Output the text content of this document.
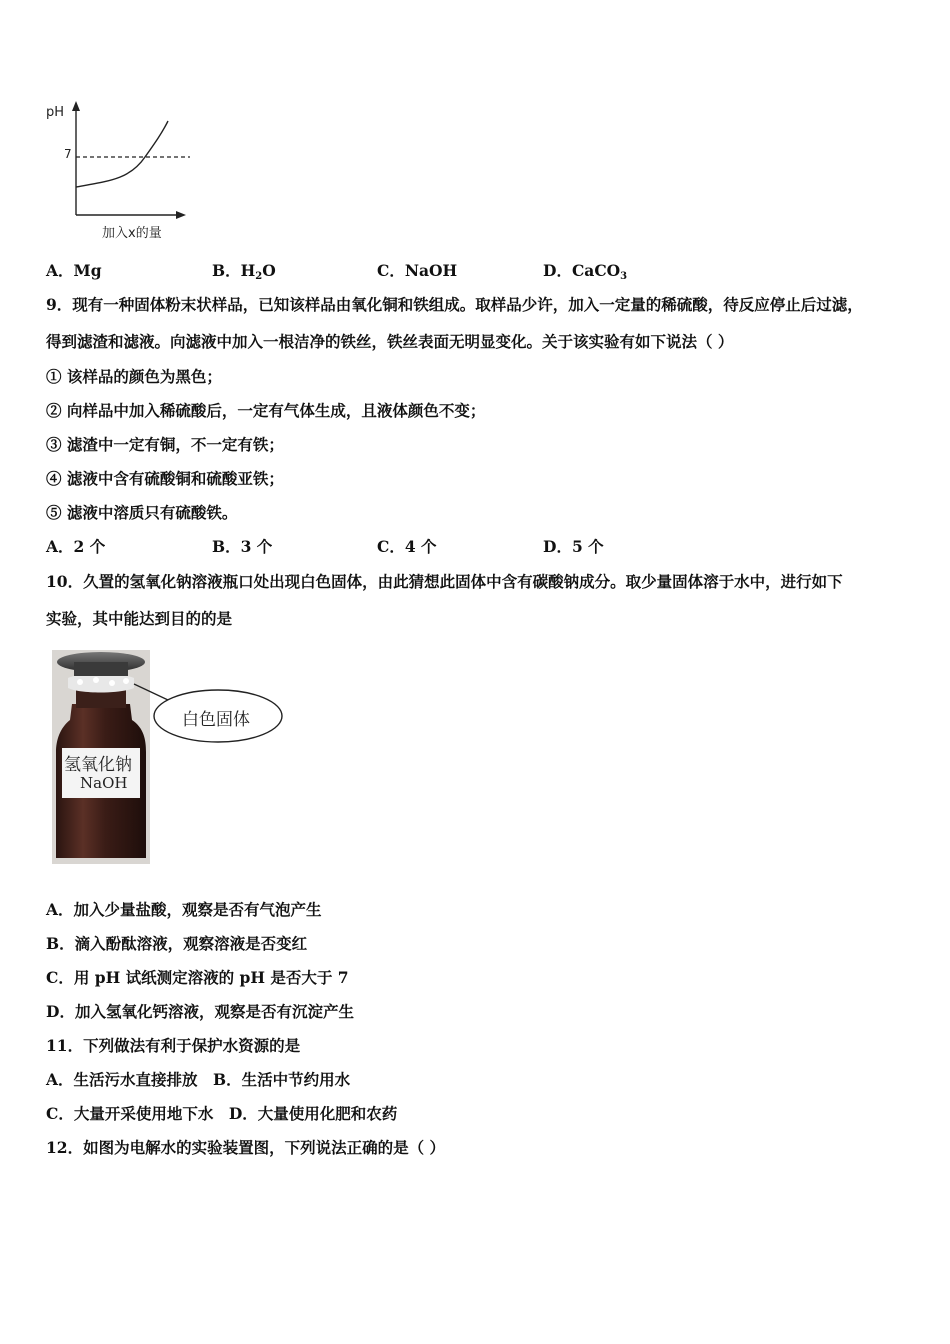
pH
7
加入x的量
A．Mg	B．$H_2O$	C．NaOH	D．CaCO$_3$
9．现有一种固体粉末状样品，已知该样品由氧化铜和铁组成。取样品少许，加入一定量的稀硫酸，待反应停止后过滤，
得到滤渣和滤液。向滤液中加入一根洁净的铁丝，铁丝表面无明显变化。关于该实验有如下说法（ ）
① 该样品的颜色为黑色；
② 向样品中加入稀硫酸后，一定有气体生成，且液体颜色不变；
③ 滤渣中一定有铜，不一定有铁；
④ 滤液中含有硫酸铜和硫酸亚铁；
⑤ 滤液中溶质只有硫酸铁。
A．2 个	B．3 个	C．4 个	D．5 个
10．久置的氢氧化钠溶液瓶口处出现白色固体，由此猜想此固体中含有碳酸钠成分。取少量固体溶于水中，进行如下
实验，其中能达到目的的是
白色固体
氢氧化钠
NaOH
A．加入少量盐酸，观察是否有气泡产生
B．滴入酚酞溶液，观察溶液是否变红
C．用 pH 试纸测定溶液的 pH 是否大于 7
D．加入氢氧化钙溶液，观察是否有沉淀产生
11．下列做法有利于保护水资源的是
A．生活污水直接排放　B．生活中节约用水
C．大量开采使用地下水　D．大量使用化肥和农药
12．如图为电解水的实验装置图，下列说法正确的是（ ）
